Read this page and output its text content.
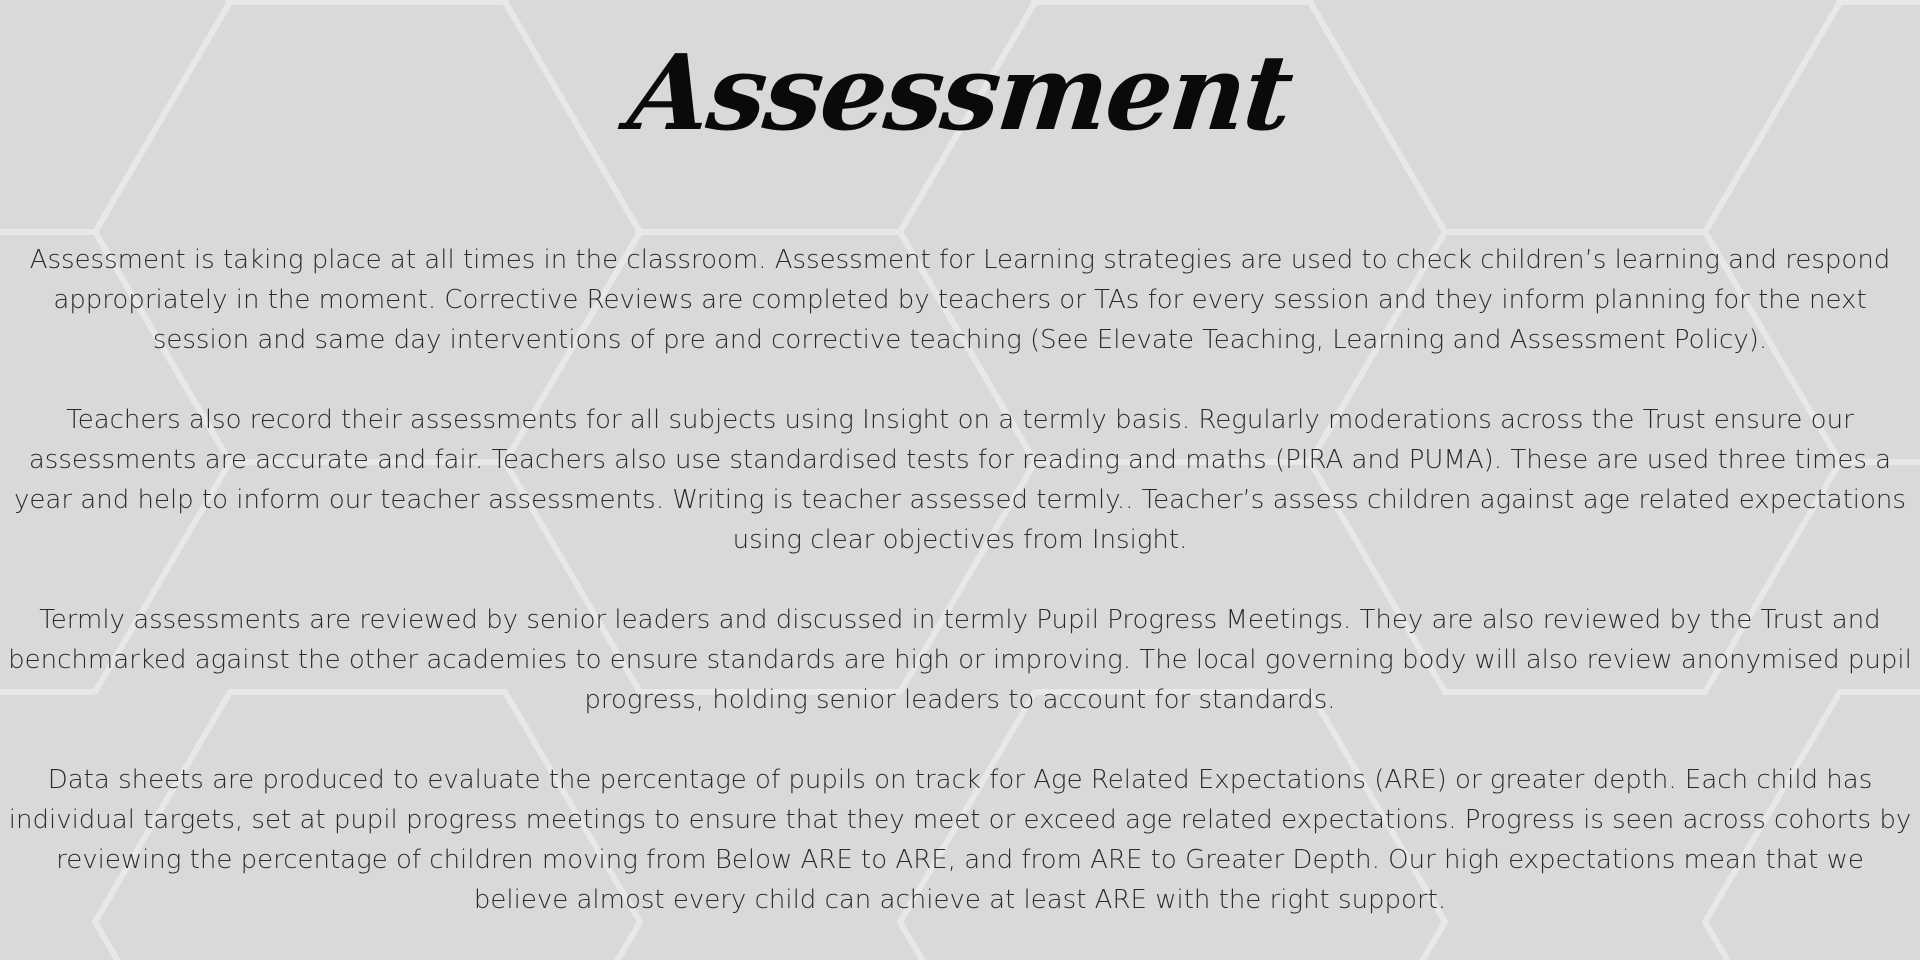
Assessment

Assessment is taking place at all times in the classroom. Assessment for Learning strategies are used to check children’s learning and respond appropriately in the moment. Corrective Reviews are completed by teachers or TAs for every session and they inform planning for the next session and same day interventions of pre and corrective teaching (See Elevate Teaching, Learning and Assessment Policy).

Teachers also record their assessments for all subjects using Insight on a termly basis. Regularly moderations across the Trust ensure our assessments are accurate and fair. Teachers also use standardised tests for reading and maths (PIRA and PUMA). These are used three times a year and help to inform our teacher assessments. Writing is teacher assessed termly.. Teacher’s assess children against age related expectations using clear objectives from Insight.

Termly assessments are reviewed by senior leaders and discussed in termly Pupil Progress Meetings. They are also reviewed by the Trust and benchmarked against the other academies to ensure standards are high or improving. The local governing body will also review anonymised pupil progress, holding senior leaders to account for standards.

Data sheets are produced to evaluate the percentage of pupils on track for Age Related Expectations (ARE) or greater depth. Each child has individual targets, set at pupil progress meetings to ensure that they meet or exceed age related expectations. Progress is seen across cohorts by reviewing the percentage of children moving from Below ARE to ARE, and from ARE to Greater Depth. Our high expectations mean that we believe almost every child can achieve at least ARE with the right support.
